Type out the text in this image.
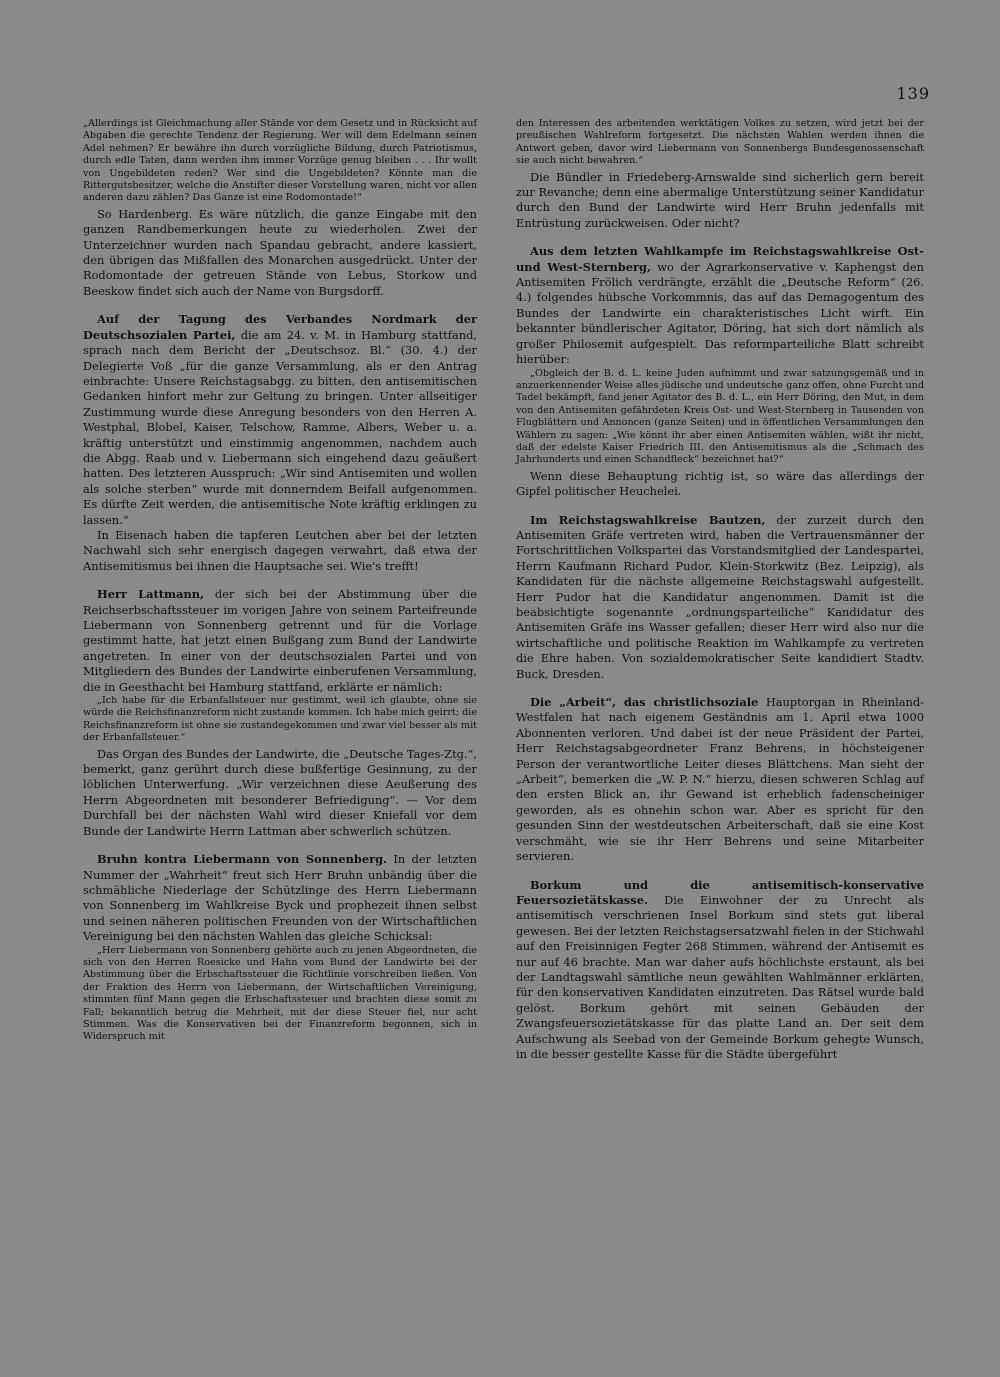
139

„Allerdings ist Gleichmachung aller Stände vor dem Gesetz und in Rücksicht auf Abgaben die gerechte Tendenz der Regierung. Wer will dem Edelmann seinen Adel nehmen? Er bewähre ihn durch vorzügliche Bildung, durch Patriotismus, durch edle Taten, dann werden ihm immer Vorzüge genug bleiben . . . Ihr wollt von Ungebildeten reden? Wer sind die Ungebildeten? Könnte man die Rittergutsbesitzer, welche die Anstifter dieser Vorstellung waren, nicht vor allen anderen dazu zählen? Das Ganze ist eine Rodomontade!“

So Hardenberg. Es wäre nützlich, die ganze Eingabe mit den ganzen Randbemerkungen heute zu wiederholen. Zwei der Unterzeichner wurden nach Spandau gebracht, andere kassiert, den übrigen das Mißfallen des Monarchen ausgedrückt. Unter der Rodomontade der getreuen Stände von Lebus, Storkow und Beeskow findet sich auch der Name von Burgsdorff.

Auf der Tagung des Verbandes Nordmark der Deutschsozialen Partei, die am 24. v. M. in Hamburg stattfand, sprach nach dem Bericht der „Deutschsoz. Bl.“ (30. 4.) der Delegierte Voß „für die ganze Versammlung, als er den Antrag einbrachte: Unsere Reichstagsabgg. zu bitten, den antisemitischen Gedanken hinfort mehr zur Geltung zu bringen. Unter allseitiger Zustimmung wurde diese Anregung besonders von den Herren A. Westphal, Blobel, Kaiser, Telschow, Ramme, Albers, Weber u. a. kräftig unterstützt und einstimmig angenommen, nachdem auch die Abgg. Raab und v. Liebermann sich eingehend dazu geäußert hatten. Des letzteren Ausspruch: „Wir sind Antisemiten und wollen als solche sterben“ wurde mit donnerndem Beifall aufgenommen. Es dürfte Zeit werden, die antisemitische Note kräftig erklingen zu lassen.“

In Eisenach haben die tapferen Leutchen aber bei der letzten Nachwahl sich sehr energisch dagegen verwahrt, daß etwa der Antisemitismus bei ihnen die Hauptsache sei. Wie's trefft!

Herr Lattmann, der sich bei der Abstimmung über die Reichserbschaftssteuer im vorigen Jahre von seinem Parteifreunde Liebermann von Sonnenberg getrennt und für die Vorlage gestimmt hatte, hat jetzt einen Bußgang zum Bund der Landwirte angetreten. In einer von der deutschsozialen Partei und von Mitgliedern des Bundes der Landwirte einberufenen Versammlung, die in Geesthacht bei Hamburg stattfand, erklärte er nämlich:

„Ich habe für die Erbanfallsteuer nur gestimmt, weil ich glaubte, ohne sie würde die Reichsfinanzreform nicht zustande kommen. Ich habe mich geirrt; die Reichsfinanzreform ist ohne sie zustandegekommen und zwar viel besser als mit der Erbanfallsteuer.“

Das Organ des Bundes der Landwirte, die „Deutsche Tages-Ztg.“, bemerkt, ganz gerührt durch diese bußfertige Gesinnung, zu der löblichen Unterwerfung. „Wir verzeichnen diese Aeußerung des Herrn Abgeordneten mit besonderer Befriedigung“. — Vor dem Durchfall bei der nächsten Wahl wird dieser Kniefall vor dem Bunde der Landwirte Herrn Lattman aber schwerlich schützen.

Bruhn kontra Liebermann von Sonnenberg. In der letzten Nummer der „Wahrheit“ freut sich Herr Bruhn unbändig über die schmähliche Niederlage der Schützlinge des Herrn Liebermann von Sonnenberg im Wahlkreise Byck und prophezeit ihnen selbst und seinen näheren politischen Freunden von der Wirtschaftlichen Vereinigung bei den nächsten Wahlen das gleiche Schicksal:

„Herr Liebermann von Sonnenberg gehörte auch zu jenen Abgeordneten, die sich von den Herren Roesicke und Hahn vom Bund der Landwirte bei der Abstimmung über die Erbschaftssteuer die Richtlinie vorschreiben ließen. Von der Fraktion des Herrn von Liebermann, der Wirtschaftlichen Vereinigung, stimmten fünf Mann gegen die Erbschaftssteuer und brachten diese somit zu Fall; bekanntlich betrug die Mehrheit, mit der diese Steuer fiel, nur acht Stimmen. Was die Konservativen bei der Finanzreform begonnen, sich in Widerspruch mit

den Interessen des arbeitenden werktätigen Volkes zu setzen, wird jetzt bei der preußischen Wahlreform fortgesetzt. Die nächsten Wahlen werden ihnen die Antwort geben, davor wird Liebermann von Sonnenbergs Bundesgenossenschaft sie auch nicht bewahren.“

Die Bündler in Friedeberg-Arnswalde sind sicherlich gern bereit zur Revanche; denn eine abermalige Unterstützung seiner Kandidatur durch den Bund der Landwirte wird Herr Bruhn jedenfalls mit Entrüstung zurückweisen. Oder nicht?

Aus dem letzten Wahlkampfe im Reichstagswahlkreise Ost- und West-Sternberg, wo der Agrarkonservative v. Kaphengst den Antisemiten Frölich verdrängte, erzählt die „Deutsche Reform“ (26. 4.) folgendes hübsche Vorkommnis, das auf das Demagogentum des Bundes der Landwirte ein charakteristisches Licht wirft. Ein bekannter bündlerischer Agitator, Döring, hat sich dort nämlich als großer Philosemit aufgespielt. Das reformparteiliche Blatt schreibt hierüber:

„Obgleich der B. d. L. keine Juden aufnimmt und zwar satzungsgemäß und in anzuerkennender Weise alles jüdische und undeutsche ganz offen, ohne Furcht und Tadel bekämpft, fand jener Agitator des B. d. L., ein Herr Döring, den Mut, in dem von den Antisemiten gefährdeten Kreis Ost- und West-Sternberg in Tausenden von Flugblättern und Annoncen (ganze Seiten) und in öffentlichen Versammlungen den Wählern zu sagen: „Wie könnt ihr aber einen Antisemiten wählen, wißt ihr nicht, daß der edelste Kaiser Friedrich III. den Antisemitismus als die „Schmach des Jahrhunderts und einen Schandfleck“ bezeichnet hat?“

Wenn diese Behauptung richtig ist, so wäre das allerdings der Gipfel politischer Heuchelei.

Im Reichstagswahlkreise Bautzen, der zurzeit durch den Antisemiten Gräfe vertreten wird, haben die Vertrauensmänner der Fortschrittlichen Volkspartei das Vorstandsmitglied der Landespartei, Herrn Kaufmann Richard Pudor, Klein-Storkwitz (Bez. Leipzig), als Kandidaten für die nächste allgemeine Reichstagswahl aufgestellt. Herr Pudor hat die Kandidatur angenommen. Damit ist die beabsichtigte sogenannte „ordnungsparteiliche“ Kandidatur des Antisemiten Gräfe ins Wasser gefallen; dieser Herr wird also nur die wirtschaftliche und politische Reaktion im Wahlkampfe zu vertreten die Ehre haben. Von sozialdemokratischer Seite kandidiert Stadtv. Buck, Dresden.

Die „Arbeit“, das christlichsoziale Hauptorgan in Rheinland-Westfalen hat nach eigenem Geständnis am 1. April etwa 1000 Abonnenten verloren. Und dabei ist der neue Präsident der Partei, Herr Reichstagsabgeordneter Franz Behrens, in höchsteigener Person der verantwortliche Leiter dieses Blättchens. Man sieht der „Arbeit“, bemerken die „W. P. N.“ hierzu, diesen schweren Schlag auf den ersten Blick an, ihr Gewand ist erheblich fadenscheiniger geworden, als es ohnehin schon war. Aber es spricht für den gesunden Sinn der westdeutschen Arbeiterschaft, daß sie eine Kost verschmäht, wie sie ihr Herr Behrens und seine Mitarbeiter servieren.

Borkum und die antisemitisch-konservative Feuersozietätskasse. Die Einwohner der zu Unrecht als antisemitisch verschrienen Insel Borkum sind stets gut liberal gewesen. Bei der letzten Reichstagsersatzwahl fielen in der Stichwahl auf den Freisinnigen Fegter 268 Stimmen, während der Antisemit es nur auf 46 brachte. Man war daher aufs höchlichste erstaunt, als bei der Landtagswahl sämtliche neun gewählten Wahlmänner erklärten, für den konservativen Kandidaten einzutreten. Das Rätsel wurde bald gelöst. Borkum gehört mit seinen Gebäuden der Zwangsfeuersozietätskasse für das platte Land an. Der seit dem Aufschwung als Seebad von der Gemeinde Borkum gehegte Wunsch, in die besser gestellte Kasse für die Städte übergeführt
